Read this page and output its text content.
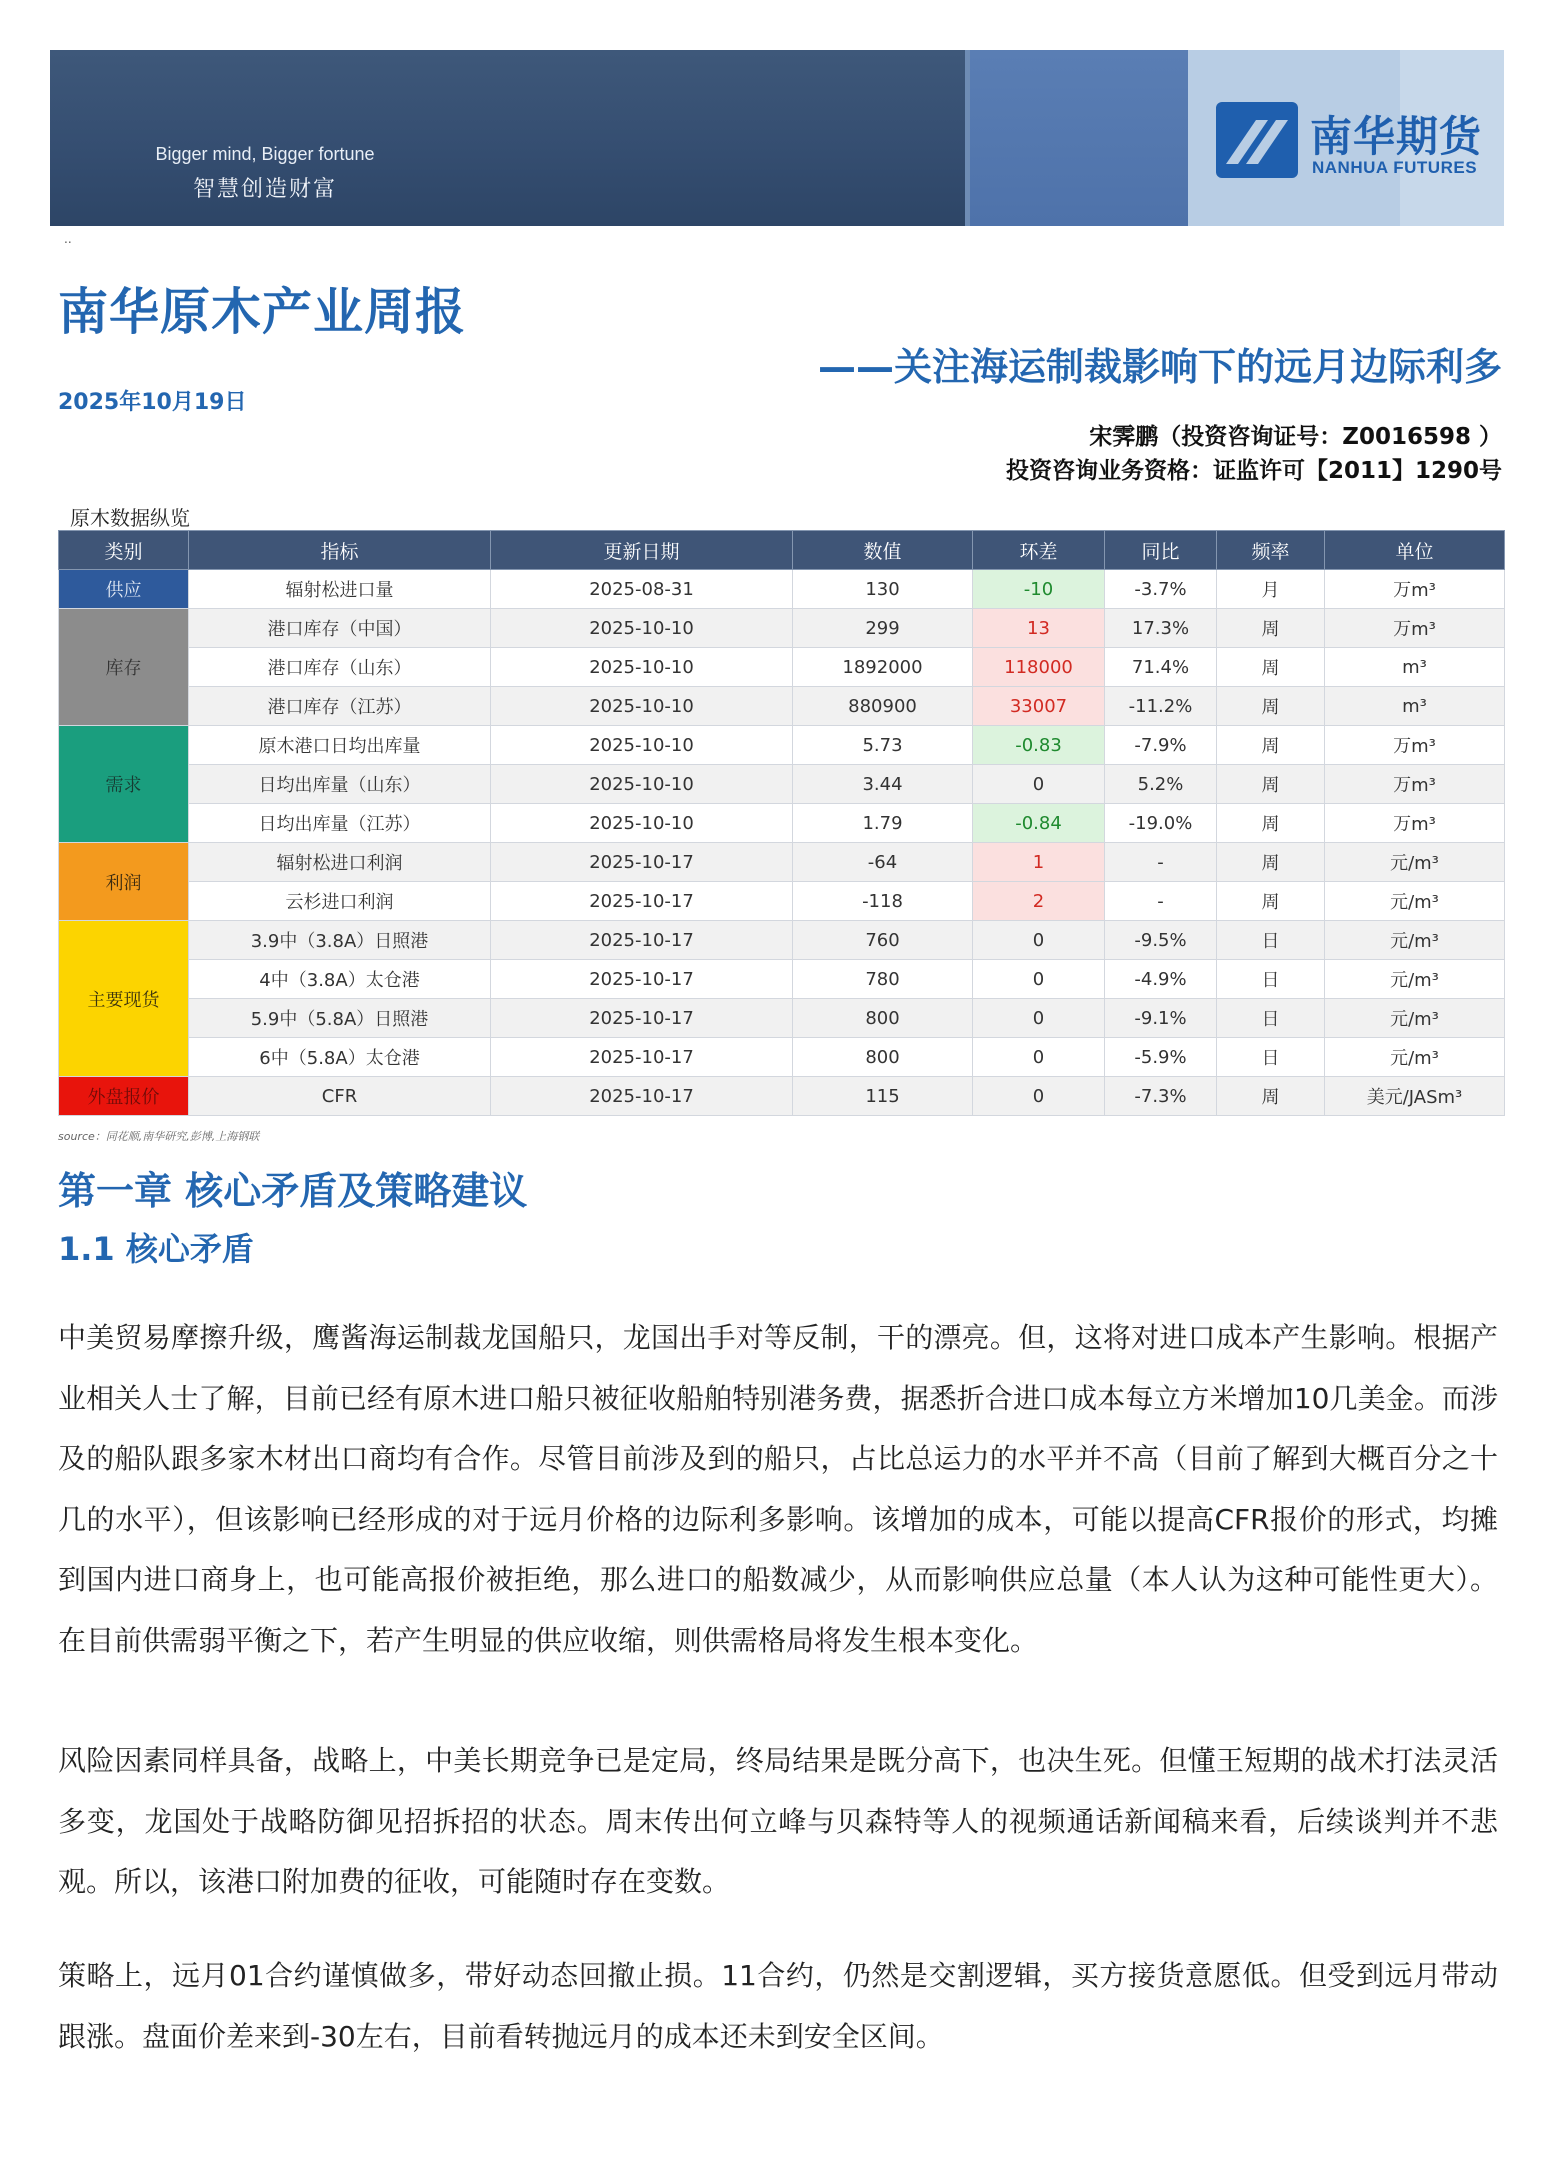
Bigger mind, Bigger fortune
智慧创造财富
南华期货
NANHUA FUTURES
..
南华原木产业周报
——关注海运制裁影响下的远月边际利多
2025年10月19日
宋霁鹏（投资咨询证号：Z0016598 ）
投资咨询业务资格：证监许可【2011】1290号
原木数据纵览
类别	指标	更新日期	数值	环差	同比	频率	单位
供应	辐射松进口量	2025-08-31	130	-10	-3.7%	月	万m³
库存	港口库存（中国）	2025-10-10	299	13	17.3%	周	万m³
	港口库存（山东）	2025-10-10	1892000	118000	71.4%	周	m³
	港口库存（江苏）	2025-10-10	880900	33007	-11.2%	周	m³
需求	原木港口日均出库量	2025-10-10	5.73	-0.83	-7.9%	周	万m³
	日均出库量（山东）	2025-10-10	3.44	0	5.2%	周	万m³
	日均出库量（江苏）	2025-10-10	1.79	-0.84	-19.0%	周	万m³
利润	辐射松进口利润	2025-10-17	-64	1	-	周	元/m³
	云杉进口利润	2025-10-17	-118	2	-	周	元/m³
主要现货	3.9中（3.8A）日照港	2025-10-17	760	0	-9.5%	日	元/m³
	4中（3.8A）太仓港	2025-10-17	780	0	-4.9%	日	元/m³
	5.9中（5.8A）日照港	2025-10-17	800	0	-9.1%	日	元/m³
	6中（5.8A）太仓港	2025-10-17	800	0	-5.9%	日	元/m³
外盘报价	CFR	2025-10-17	115	0	-7.3%	周	美元/JASm³
source：同花顺,南华研究,彭博,上海钢联
第一章 核心矛盾及策略建议
1.1 核心矛盾

中美贸易摩擦升级，鹰酱海运制裁龙国船只，龙国出手对等反制，干的漂亮。但，这将对进口成本产生影响。根据产业相关人士了解，目前已经有原木进口船只被征收船舶特别港务费，据悉折合进口成本每立方米增加10几美金。而涉及的船队跟多家木材出口商均有合作。尽管目前涉及到的船只，占比总运力的水平并不高（目前了解到大概百分之十几的水平），但该影响已经形成的对于远月价格的边际利多影响。该增加的成本，可能以提高CFR报价的形式，均摊到国内进口商身上，也可能高报价被拒绝，那么进口的船数减少，从而影响供应总量（本人认为这种可能性更大）。在目前供需弱平衡之下，若产生明显的供应收缩，则供需格局将发生根本变化。

风险因素同样具备，战略上，中美长期竞争已是定局，终局结果是既分高下，也决生死。但懂王短期的战术打法灵活多变，龙国处于战略防御见招拆招的状态。周末传出何立峰与贝森特等人的视频通话新闻稿来看，后续谈判并不悲观。所以，该港口附加费的征收，可能随时存在变数。

策略上，远月01合约谨慎做多，带好动态回撤止损。11合约，仍然是交割逻辑，买方接货意愿低。但受到远月带动跟涨。盘面价差来到-30左右，目前看转抛远月的成本还未到安全区间。
